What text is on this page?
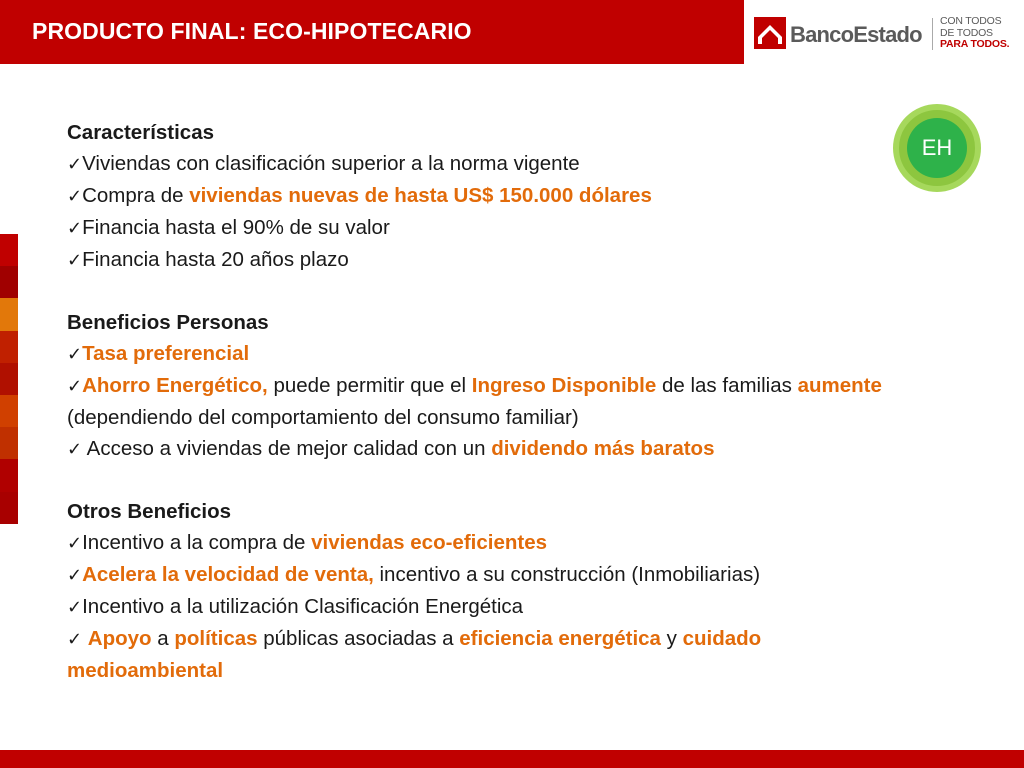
PRODUCTO FINAL: ECO-HIPOTECARIO	BancoEstado
CON TODOS
DE TODOS
PARA TODOS.
EH
Características
✓Viviendas con clasificación superior a la norma vigente
✓Compra de viviendas nuevas de hasta US$ 150.000 dólares
✓Financia hasta el 90% de su valor
✓Financia hasta 20 años plazo
Beneficios Personas
✓Tasa preferencial
✓Ahorro Energético, puede permitir que el Ingreso Disponible de las familias aumente (dependiendo del comportamiento del consumo familiar)
✓ Acceso a viviendas de mejor calidad con un dividendo más baratos
Otros Beneficios
✓Incentivo a la compra de viviendas eco-eficientes
✓Acelera la velocidad de venta, incentivo a su construcción (Inmobiliarias)
✓Incentivo a la utilización Clasificación Energética
✓ Apoyo a políticas públicas asociadas a eficiencia energética y cuidado medioambiental
